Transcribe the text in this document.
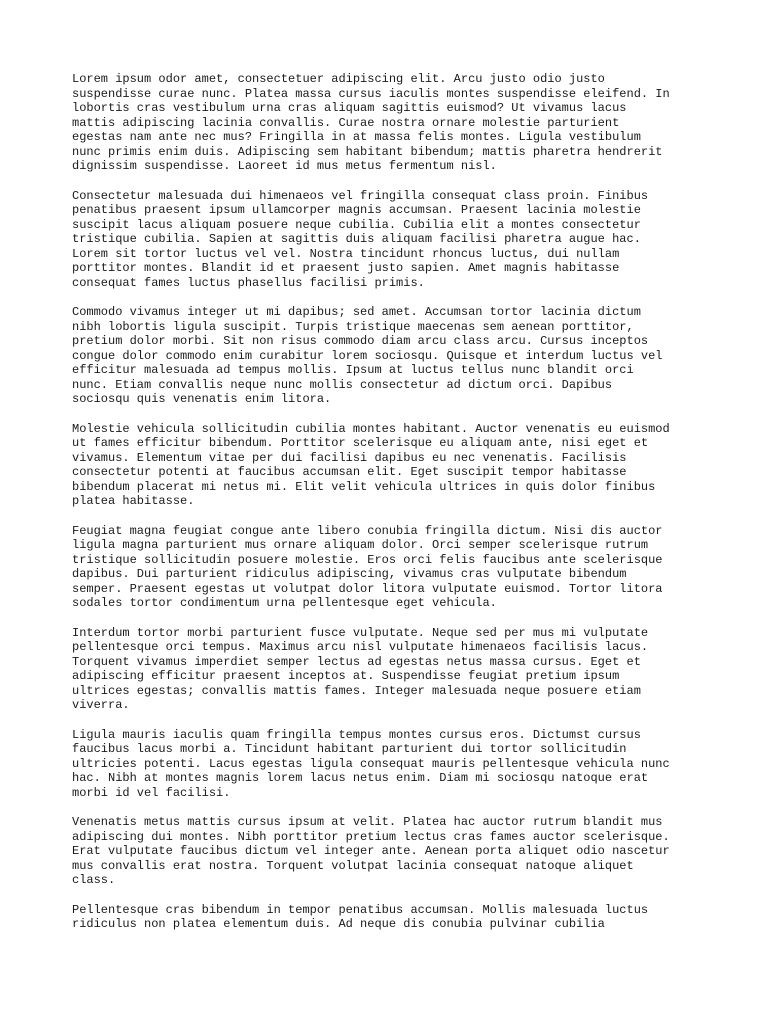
Lorem ipsum odor amet, consectetuer adipiscing elit. Arcu justo odio justo
suspendisse curae nunc. Platea massa cursus iaculis montes suspendisse eleifend. In
lobortis cras vestibulum urna cras aliquam sagittis euismod? Ut vivamus lacus
mattis adipiscing lacinia convallis. Curae nostra ornare molestie parturient
egestas nam ante nec mus? Fringilla in at massa felis montes. Ligula vestibulum
nunc primis enim duis. Adipiscing sem habitant bibendum; mattis pharetra hendrerit
dignissim suspendisse. Laoreet id mus metus fermentum nisl.

Consectetur malesuada dui himenaeos vel fringilla consequat class proin. Finibus
penatibus praesent ipsum ullamcorper magnis accumsan. Praesent lacinia molestie
suscipit lacus aliquam posuere neque cubilia. Cubilia elit a montes consectetur
tristique cubilia. Sapien at sagittis duis aliquam facilisi pharetra augue hac.
Lorem sit tortor luctus vel vel. Nostra tincidunt rhoncus luctus, dui nullam
porttitor montes. Blandit id et praesent justo sapien. Amet magnis habitasse
consequat fames luctus phasellus facilisi primis.

Commodo vivamus integer ut mi dapibus; sed amet. Accumsan tortor lacinia dictum
nibh lobortis ligula suscipit. Turpis tristique maecenas sem aenean porttitor,
pretium dolor morbi. Sit non risus commodo diam arcu class arcu. Cursus inceptos
congue dolor commodo enim curabitur lorem sociosqu. Quisque et interdum luctus vel
efficitur malesuada ad tempus mollis. Ipsum at luctus tellus nunc blandit orci
nunc. Etiam convallis neque nunc mollis consectetur ad dictum orci. Dapibus
sociosqu quis venenatis enim litora.

Molestie vehicula sollicitudin cubilia montes habitant. Auctor venenatis eu euismod
ut fames efficitur bibendum. Porttitor scelerisque eu aliquam ante, nisi eget et
vivamus. Elementum vitae per dui facilisi dapibus eu nec venenatis. Facilisis
consectetur potenti at faucibus accumsan elit. Eget suscipit tempor habitasse
bibendum placerat mi netus mi. Elit velit vehicula ultrices in quis dolor finibus
platea habitasse.

Feugiat magna feugiat congue ante libero conubia fringilla dictum. Nisi dis auctor
ligula magna parturient mus ornare aliquam dolor. Orci semper scelerisque rutrum
tristique sollicitudin posuere molestie. Eros orci felis faucibus ante scelerisque
dapibus. Dui parturient ridiculus adipiscing, vivamus cras vulputate bibendum
semper. Praesent egestas ut volutpat dolor litora vulputate euismod. Tortor litora
sodales tortor condimentum urna pellentesque eget vehicula.

Interdum tortor morbi parturient fusce vulputate. Neque sed per mus mi vulputate
pellentesque orci tempus. Maximus arcu nisl vulputate himenaeos facilisis lacus.
Torquent vivamus imperdiet semper lectus ad egestas netus massa cursus. Eget et
adipiscing efficitur praesent inceptos at. Suspendisse feugiat pretium ipsum
ultrices egestas; convallis mattis fames. Integer malesuada neque posuere etiam
viverra.

Ligula mauris iaculis quam fringilla tempus montes cursus eros. Dictumst cursus
faucibus lacus morbi a. Tincidunt habitant parturient dui tortor sollicitudin
ultricies potenti. Lacus egestas ligula consequat mauris pellentesque vehicula nunc
hac. Nibh at montes magnis lorem lacus netus enim. Diam mi sociosqu natoque erat
morbi id vel facilisi.

Venenatis metus mattis cursus ipsum at velit. Platea hac auctor rutrum blandit mus
adipiscing dui montes. Nibh porttitor pretium lectus cras fames auctor scelerisque.
Erat vulputate faucibus dictum vel integer ante. Aenean porta aliquet odio nascetur
mus convallis erat nostra. Torquent volutpat lacinia consequat natoque aliquet
class.

Pellentesque cras bibendum in tempor penatibus accumsan. Mollis malesuada luctus
ridiculus non platea elementum duis. Ad neque dis conubia pulvinar cubilia
